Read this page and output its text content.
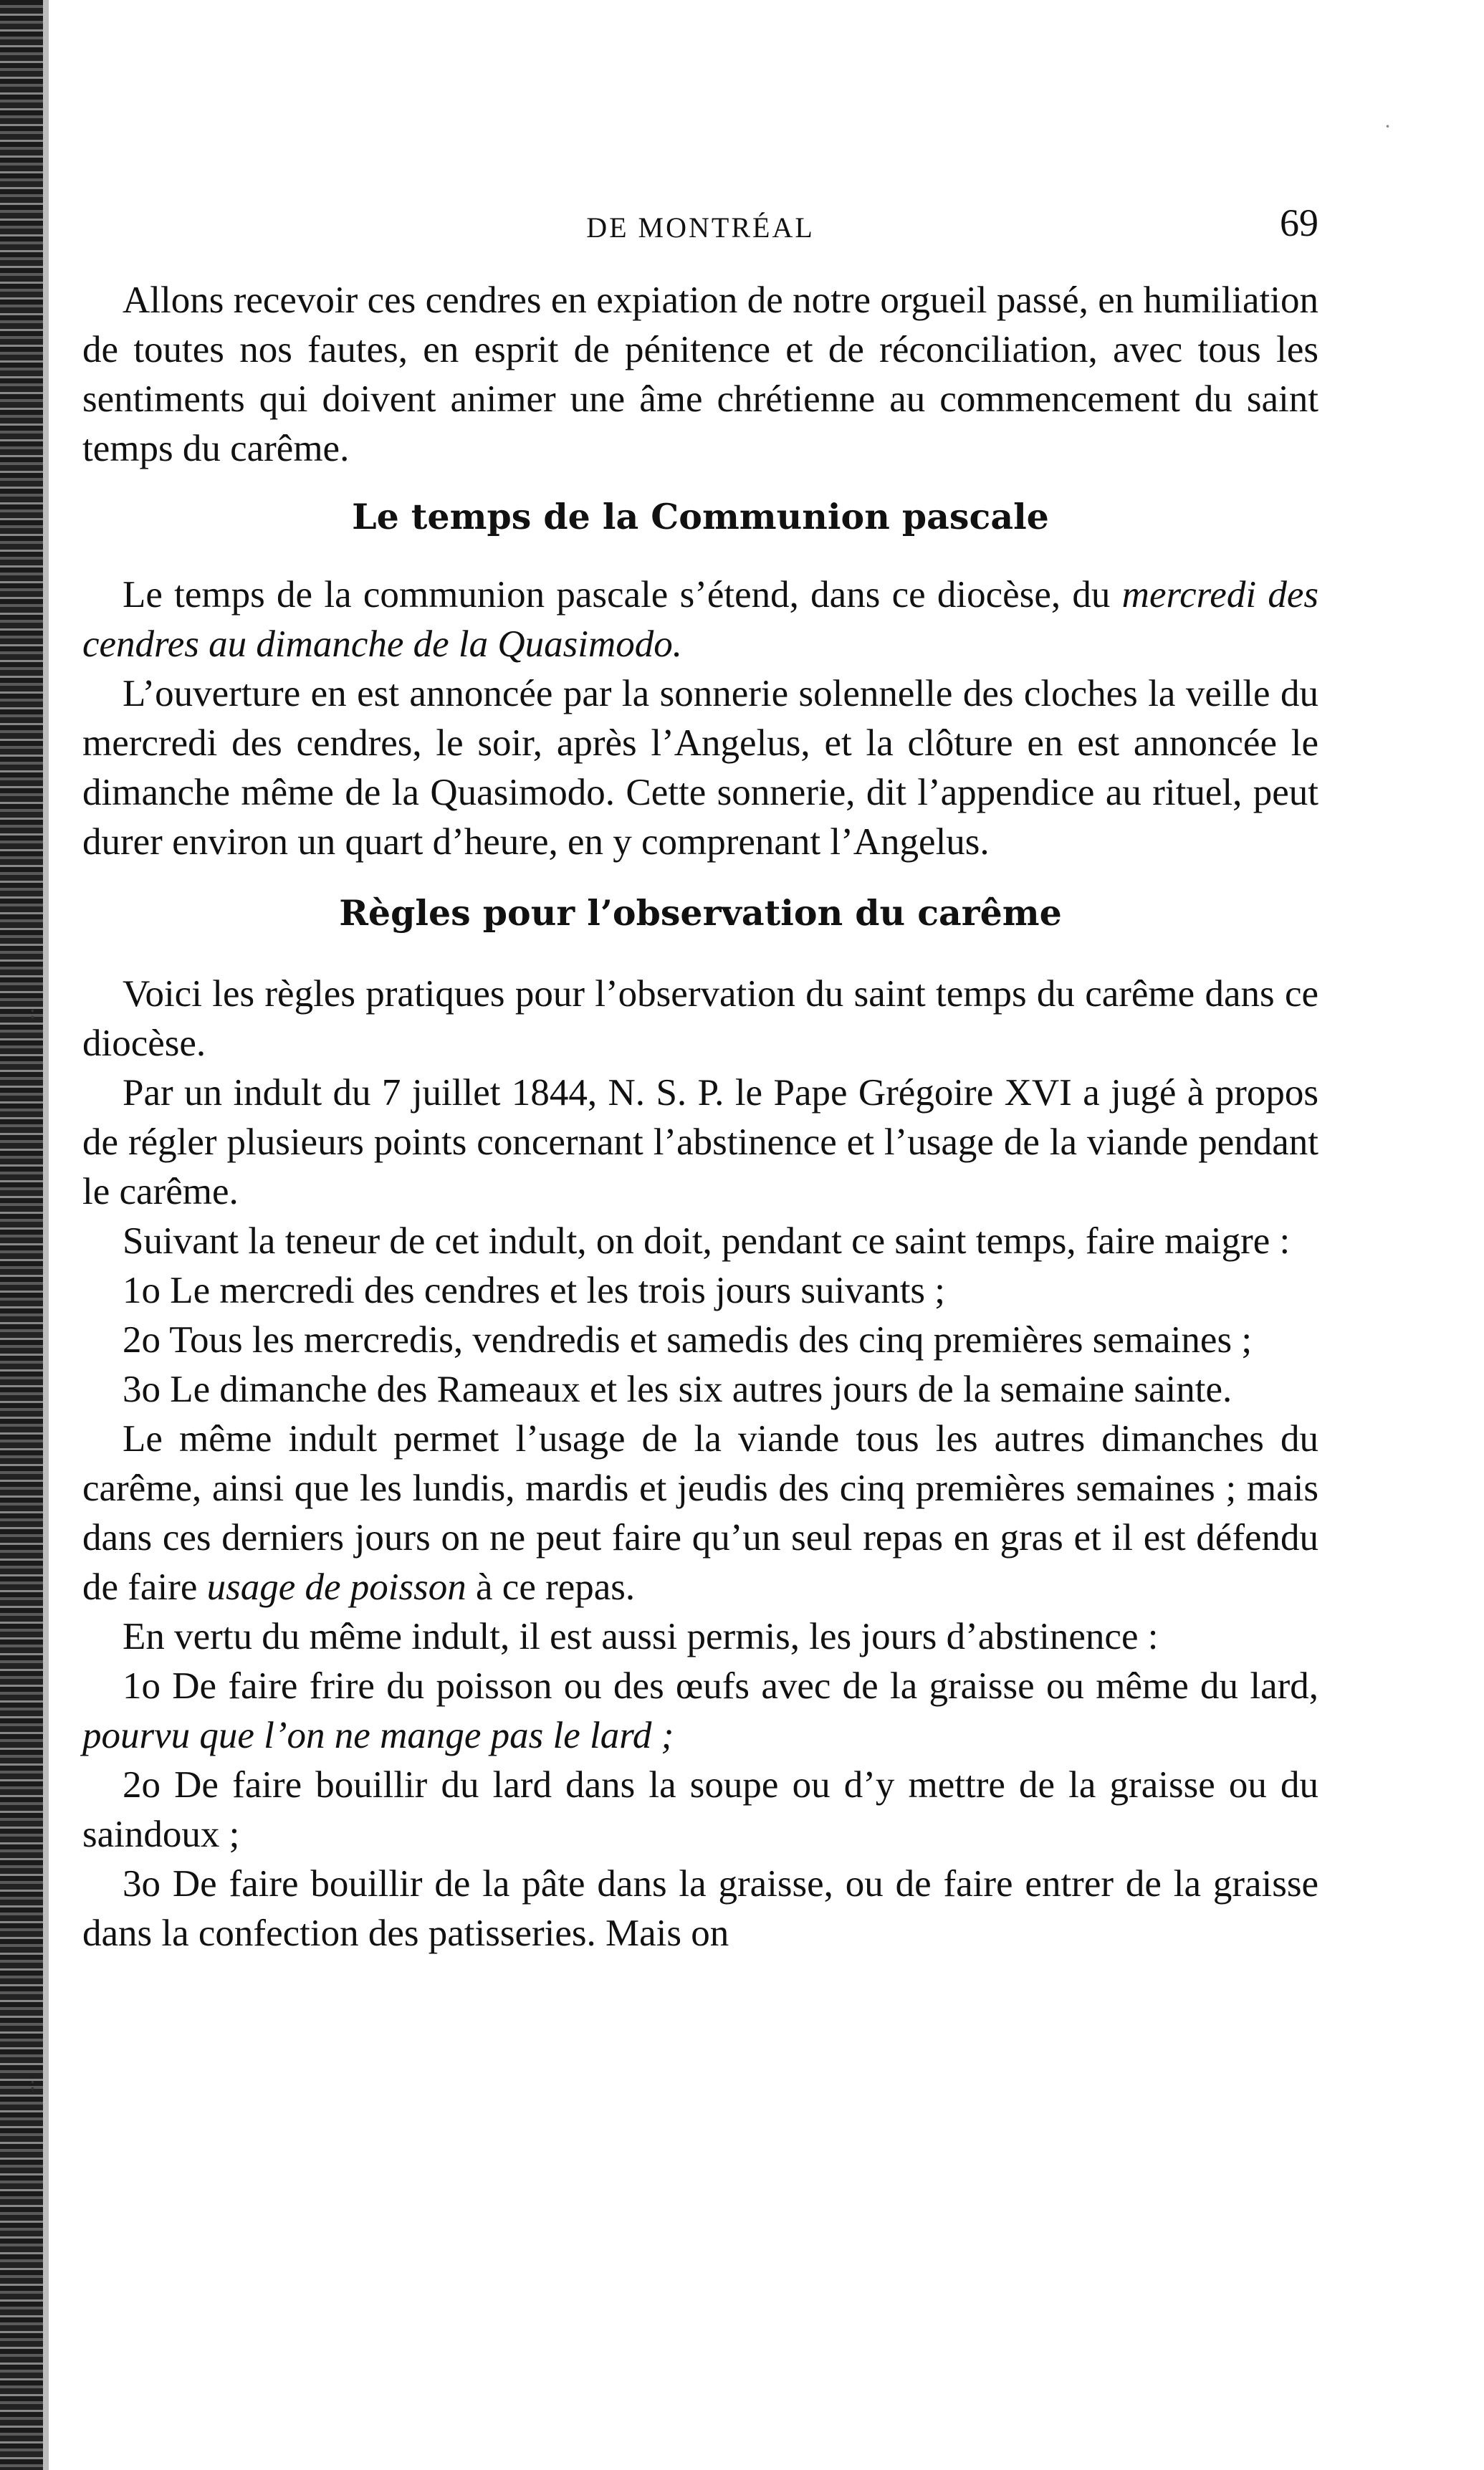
:
:
·
DE MONTRÉAL	69

Allons recevoir ces cendres en expiation de notre orgueil passé, en humiliation de toutes nos fautes, en esprit de pénitence et de réconciliation, avec tous les sentiments qui doivent animer une âme chrétienne au commencement du saint temps du carême.

Le temps de la Communion pascale

Le temps de la communion pascale s’étend, dans ce diocèse, du mercredi des cendres au dimanche de la Quasimodo.

L’ouverture en est annoncée par la sonnerie solennelle des cloches la veille du mercredi des cendres, le soir, après l’Angelus, et la clôture en est annoncée le dimanche même de la Quasimodo. Cette sonnerie, dit l’appendice au rituel, peut durer environ un quart d’heure, en y comprenant l’Angelus.

Règles pour l’observation du carême

Voici les règles pratiques pour l’observation du saint temps du carême dans ce diocèse.

Par un indult du 7 juillet 1844, N. S. P. le Pape Grégoire XVI a jugé à propos de régler plusieurs points concernant l’abstinence et l’usage de la viande pendant le carême.

Suivant la teneur de cet indult, on doit, pendant ce saint temps, faire maigre :

1o Le mercredi des cendres et les trois jours suivants ;

2o Tous les mercredis, vendredis et samedis des cinq premières semaines ;

3o Le dimanche des Rameaux et les six autres jours de la semaine sainte.

Le même indult permet l’usage de la viande tous les autres dimanches du carême, ainsi que les lundis, mardis et jeudis des cinq premières semaines ; mais dans ces derniers jours on ne peut faire qu’un seul repas en gras et il est défendu de faire usage de poisson à ce repas.

En vertu du même indult, il est aussi permis, les jours d’abstinence :

1o De faire frire du poisson ou des œufs avec de la graisse ou même du lard, pourvu que l’on ne mange pas le lard ;

2o De faire bouillir du lard dans la soupe ou d’y mettre de la graisse ou du saindoux ;

3o De faire bouillir de la pâte dans la graisse, ou de faire entrer de la graisse dans la confection des patisseries. Mais on
